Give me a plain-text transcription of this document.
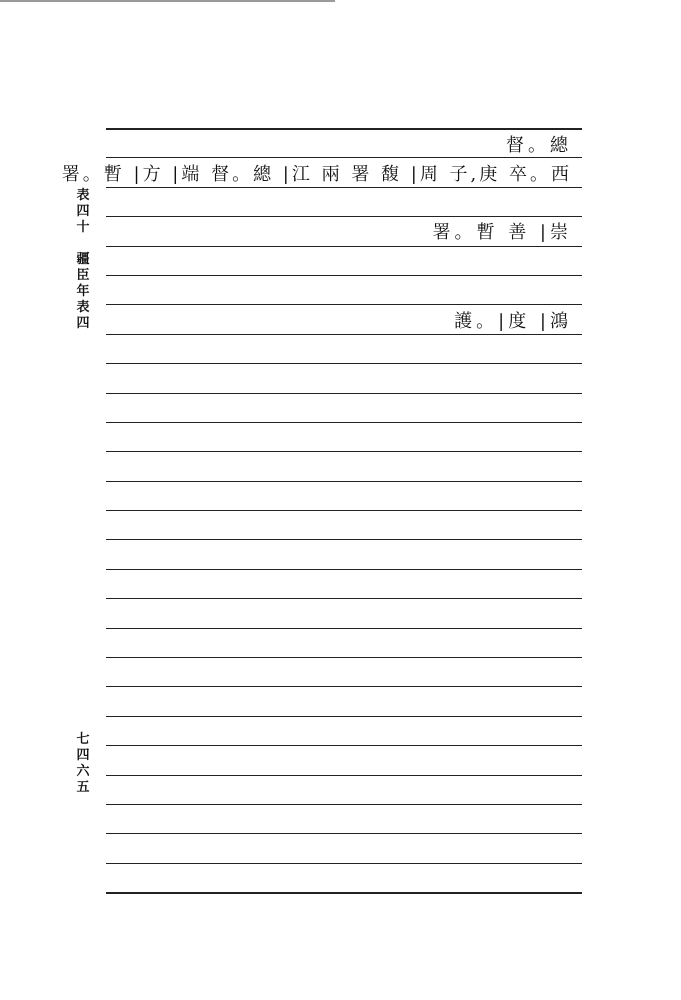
表
四
十

疆
臣
年
表
四
七
四
六
五
督。總
署。暫 |方 |端 督。總 |江 兩 署 馥 |周 子,庚 卒。西
署。暫 善 |崇
護。|度 |鴻
